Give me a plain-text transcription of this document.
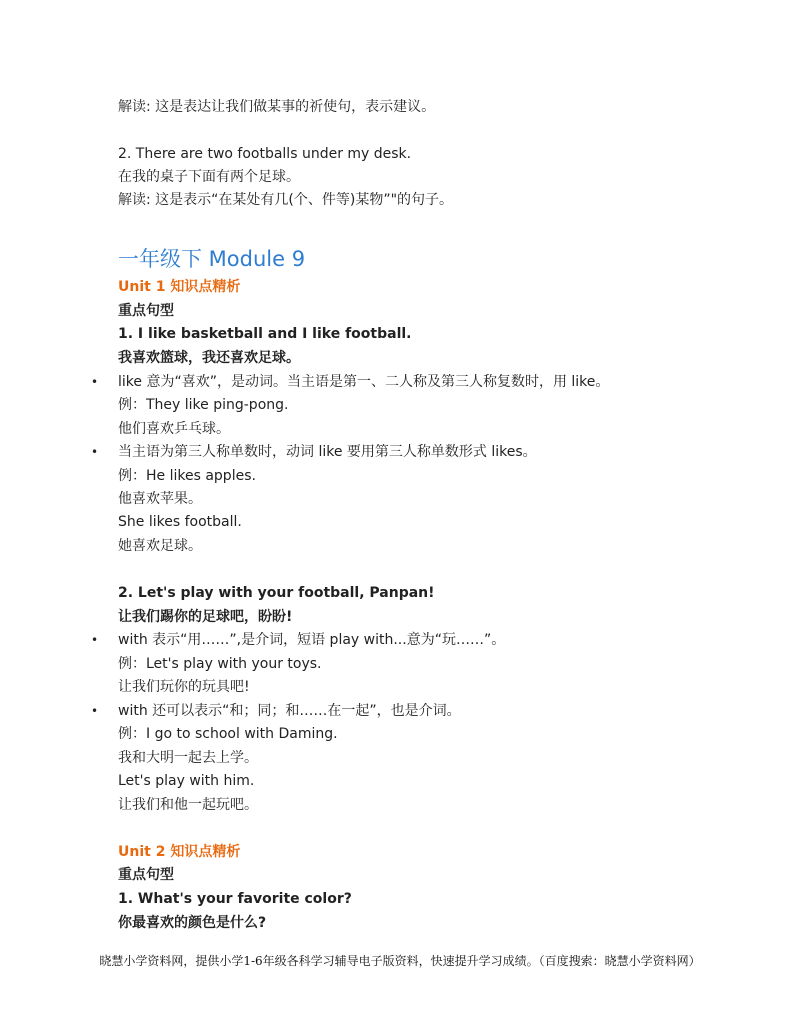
解读: 这是表达让我们做某事的祈使句，表示建议。
2. There are two footballs under my desk.
在我的桌子下面有两个足球。
解读: 这是表示“在某处有几(个、件等)某物”"的句子。
一年级下 Module 9
Unit 1 知识点精析
重点句型
1. I like basketball and I like football.
我喜欢篮球，我还喜欢足球。
• like 意为“喜欢”，是动词。当主语是第一、二人称及第三人称复数时，用 like。
例：They like ping-pong.
他们喜欢乒乓球。
• 当主语为第三人称单数时，动词 like 要用第三人称单数形式 likes。
例：He likes apples.
他喜欢苹果。
She likes football.
她喜欢足球。
2. Let's play with your football, Panpan!
让我们踢你的足球吧，盼盼!
• with 表示“用……”,是介词，短语 play with...意为“玩……”。
例：Let's play with your toys.
让我们玩你的玩具吧!
• with 还可以表示“和；同；和……在一起”，也是介词。
例：I go to school with Daming.
我和大明一起去上学。
Let's play with him.
让我们和他一起玩吧。
Unit 2 知识点精析
重点句型
1. What's your favorite color?
你最喜欢的颜色是什么?
晓慧小学资料网，提供小学1-6年级各科学习辅导电子版资料，快速提升学习成绩。（百度搜索：晓慧小学资料网）
